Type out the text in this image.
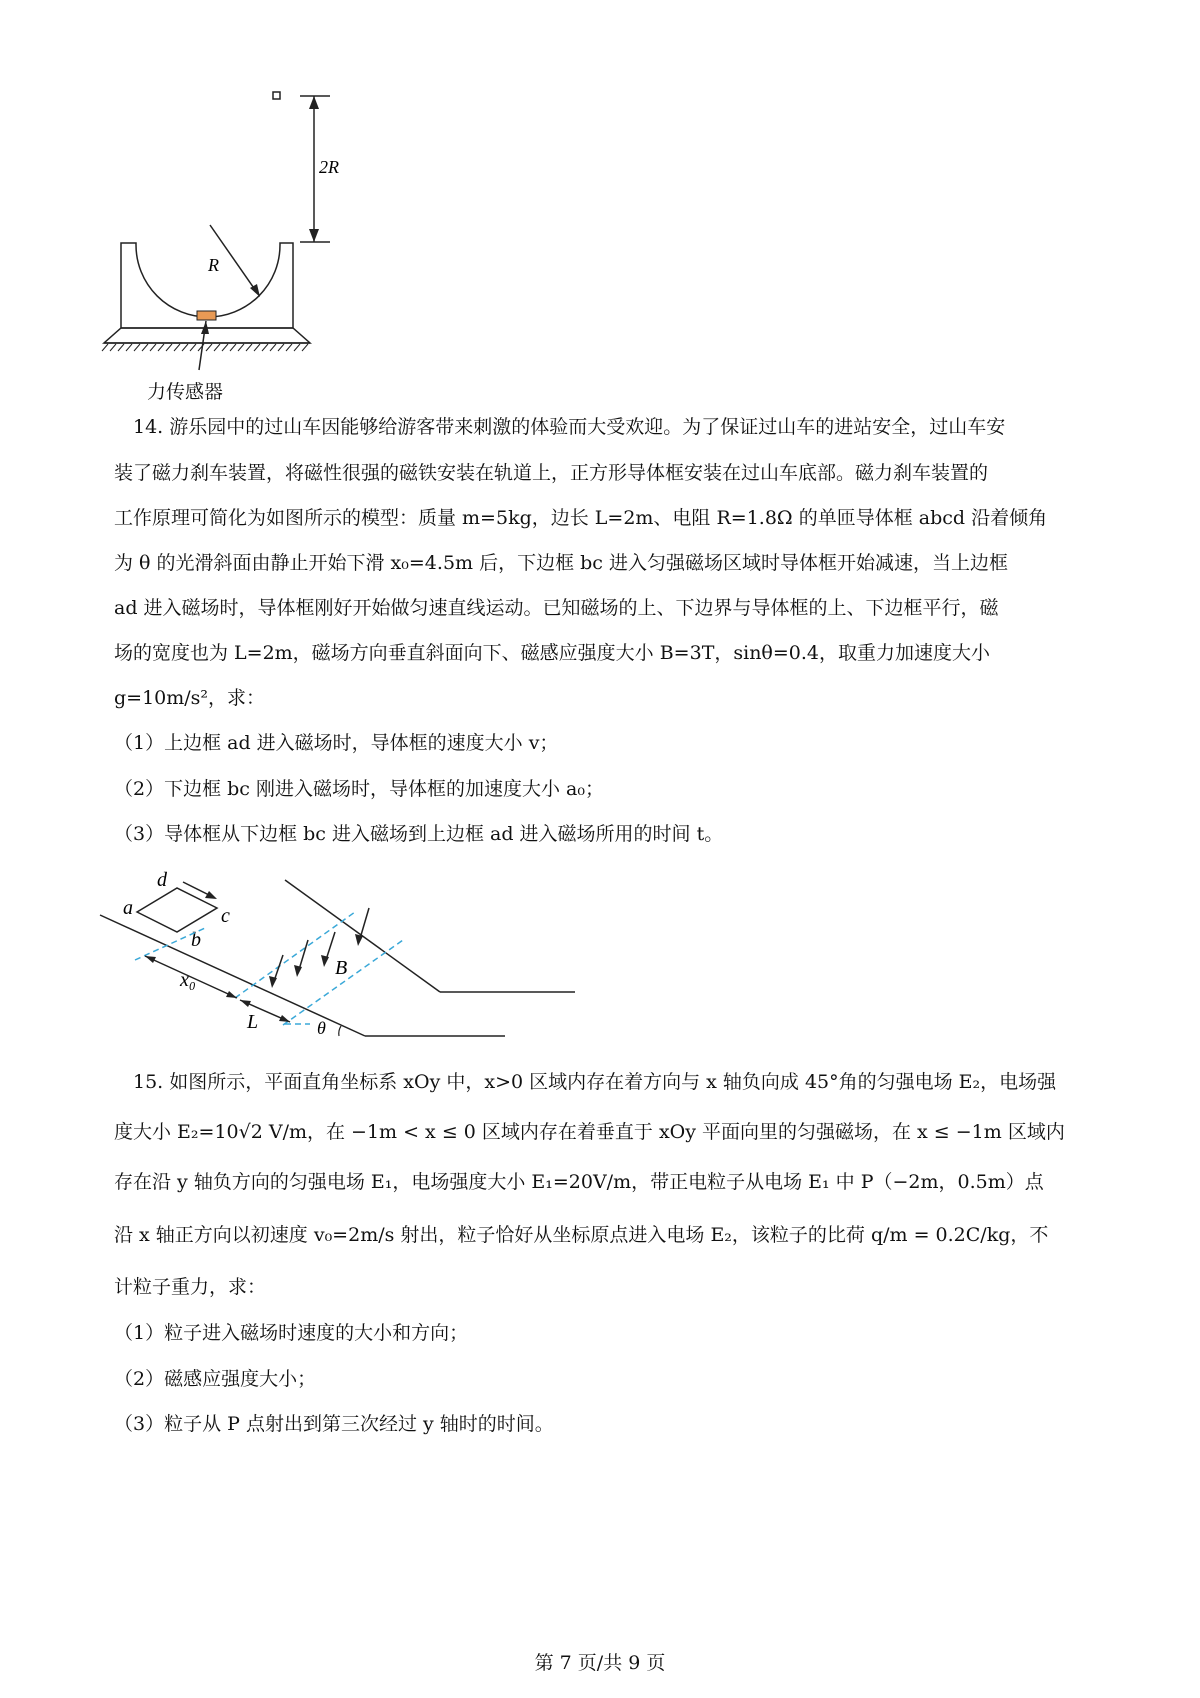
2R
R
力传感器
14. 游乐园中的过山车因能够给游客带来刺激的体验而大受欢迎。为了保证过山车的进站安全，过山车安
装了磁力刹车装置，将磁性很强的磁铁安装在轨道上，正方形导体框安装在过山车底部。磁力刹车装置的
工作原理可简化为如图所示的模型：质量 m=5kg，边长 L=2m、电阻 R=1.8Ω 的单匝导体框 abcd 沿着倾角
为 θ 的光滑斜面由静止开始下滑 x₀=4.5m 后，下边框 bc 进入匀强磁场区域时导体框开始减速，当上边框
ad 进入磁场时，导体框刚好开始做匀速直线运动。已知磁场的上、下边界与导体框的上、下边框平行，磁
场的宽度也为 L=2m，磁场方向垂直斜面向下、磁感应强度大小 B=3T，sinθ=0.4，取重力加速度大小
g=10m/s²，求：
（1）上边框 ad 进入磁场时，导体框的速度大小 v；
（2）下边框 bc 刚进入磁场时，导体框的加速度大小 a₀；
（3）导体框从下边框 bc 进入磁场到上边框 ad 进入磁场所用的时间 t。
a
b
c
d
x₀
L
B
θ
15. 如图所示，平面直角坐标系 xOy 中，x>0 区域内存在着方向与 x 轴负向成 45°角的匀强电场 E₂，电场强
度大小 E₂=10√2 V/m，在 −1m < x ≤ 0 区域内存在着垂直于 xOy 平面向里的匀强磁场，在 x ≤ −1m 区域内
存在沿 y 轴负方向的匀强电场 E₁，电场强度大小 E₁=20V/m，带正电粒子从电场 E₁ 中 P（−2m，0.5m）点
沿 x 轴正方向以初速度 v₀=2m/s 射出，粒子恰好从坐标原点进入电场 E₂，该粒子的比荷 q/m = 0.2C/kg，不
计粒子重力，求：
（1）粒子进入磁场时速度的大小和方向；
（2）磁感应强度大小；
（3）粒子从 P 点射出到第三次经过 y 轴时的时间。
第 7 页/共 9 页
